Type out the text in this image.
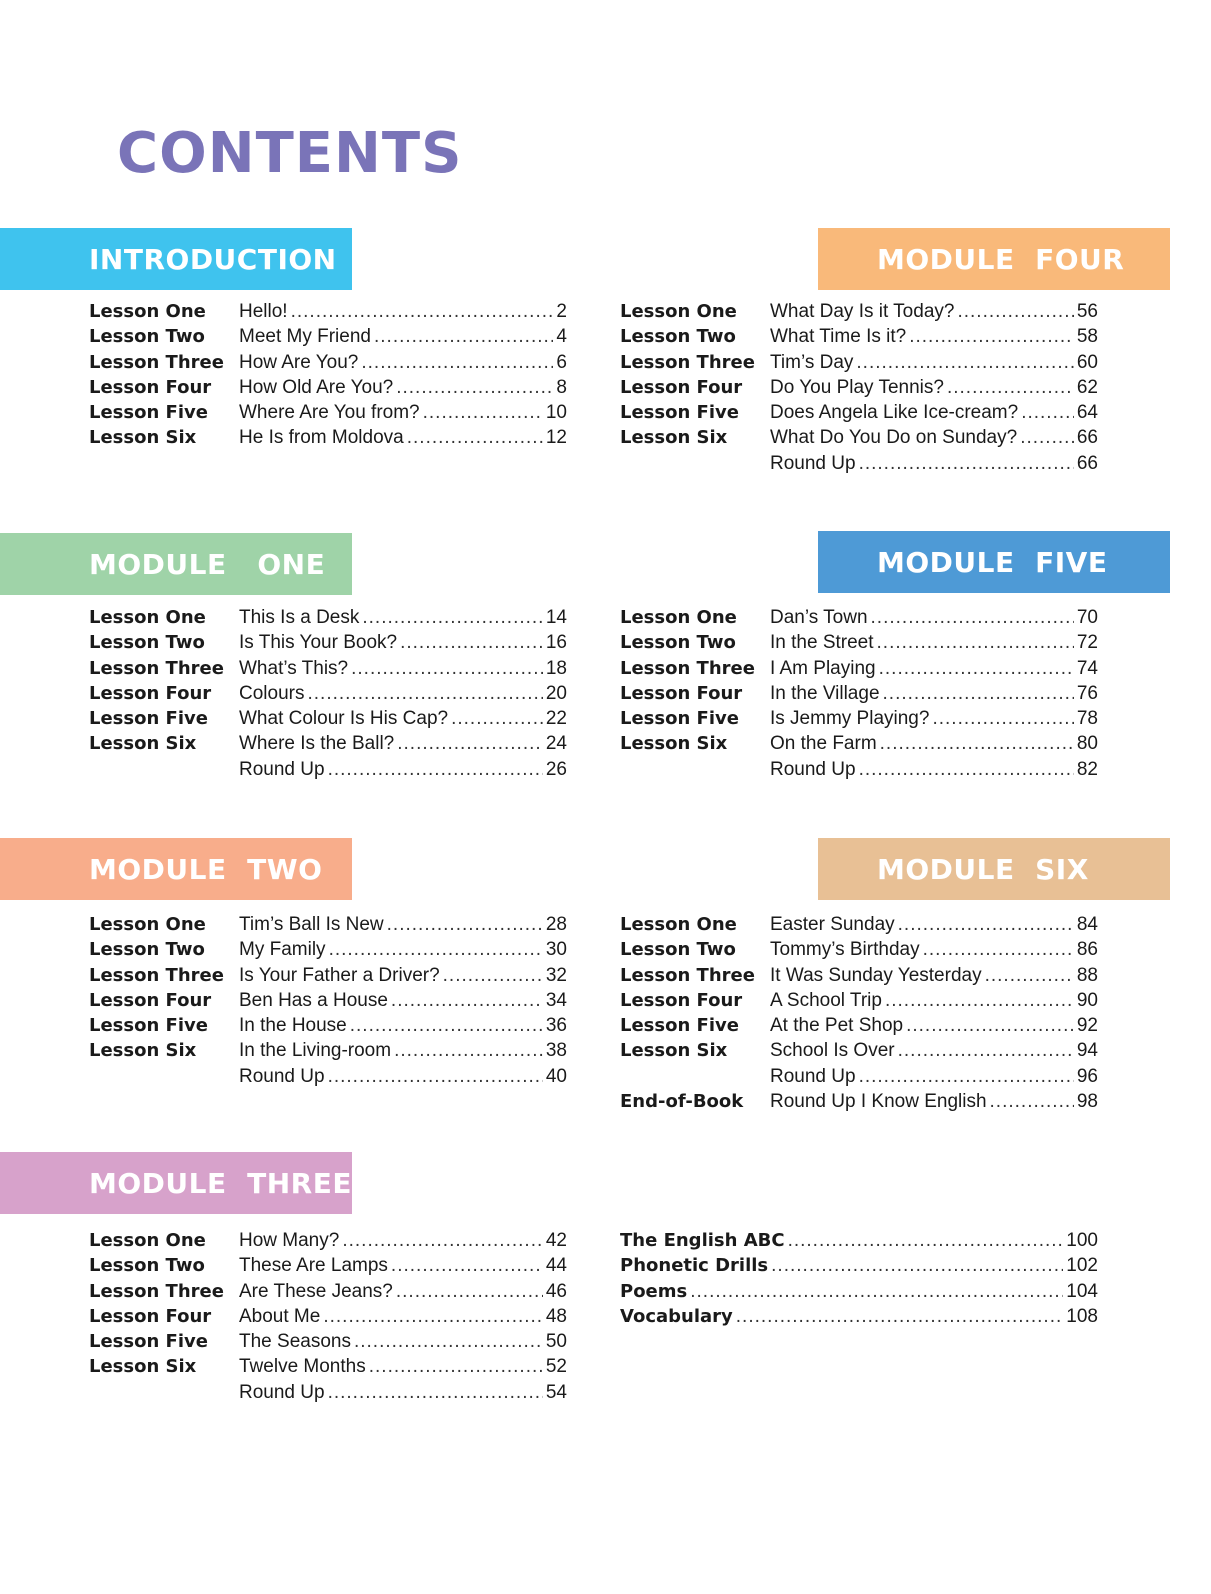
CONTENTS
INTRODUCTION
Lesson One	Hello! .....	2
Lesson Two	Meet My Friend .....	4
Lesson Three How Are You? .....	6
Lesson Four	How Old Are You? .....	8
Lesson Five	Where Are You from? .....	10
Lesson Six	He Is from Moldova .....	12
MODULE  FOUR
Lesson One	What Day Is it Today? .....	56
Lesson Two	What Time Is it? .....	58
Lesson Three Tim’s Day .....	60
Lesson Four	Do You Play Tennis? .....	62
Lesson Five	Does Angela Like Ice-cream? .....	64
Lesson Six	What Do You Do on Sunday? .....	66
Round Up .....	66
MODULE   ONE
Lesson One	This Is a Desk .....	14
Lesson Two	Is This Your Book? .....	16
Lesson Three What’s This? .....	18
Lesson Four	Colours .....	20
Lesson Five	What Colour Is His Cap? .....	22
Lesson Six	Where Is the Ball? .....	24
Round Up .....	26
MODULE  FIVE
Lesson One	Dan’s Town .....	70
Lesson Two	In the Street .....	72
Lesson Three I Am Playing .....	74
Lesson Four	In the Village .....	76
Lesson Five	Is Jemmy Playing? .....	78
Lesson Six	On the Farm .....	80
Round Up .....	82
MODULE  TWO
Lesson One	Tim’s Ball Is New .....	28
Lesson Two	My Family .....	30
Lesson Three Is Your Father a Driver? .....	32
Lesson Four	Ben Has a House .....	34
Lesson Five	In the House .....	36
Lesson Six	In the Living-room .....	38
Round Up .....	40
MODULE  SIX
Lesson One	Easter Sunday .....	84
Lesson Two	Tommy’s Birthday .....	86
Lesson Three It Was Sunday Yesterday .....	88
Lesson Four	A School Trip .....	90
Lesson Five	At the Pet Shop .....	92
Lesson Six	School Is Over .....	94
Round Up .....	96
End-of-Book	Round Up I Know English .....	98
MODULE  THREE
Lesson One	How Many? .....	42
Lesson Two	These Are Lamps .....	44
Lesson Three Are These Jeans? .....	46
Lesson Four	About Me .....	48
Lesson Five	The Seasons .....	50
Lesson Six	Twelve Months .....	52
Round Up .....	54
The English ABC .....	100
Phonetic Drills .....	102
Poems .....	104
Vocabulary .....	108
